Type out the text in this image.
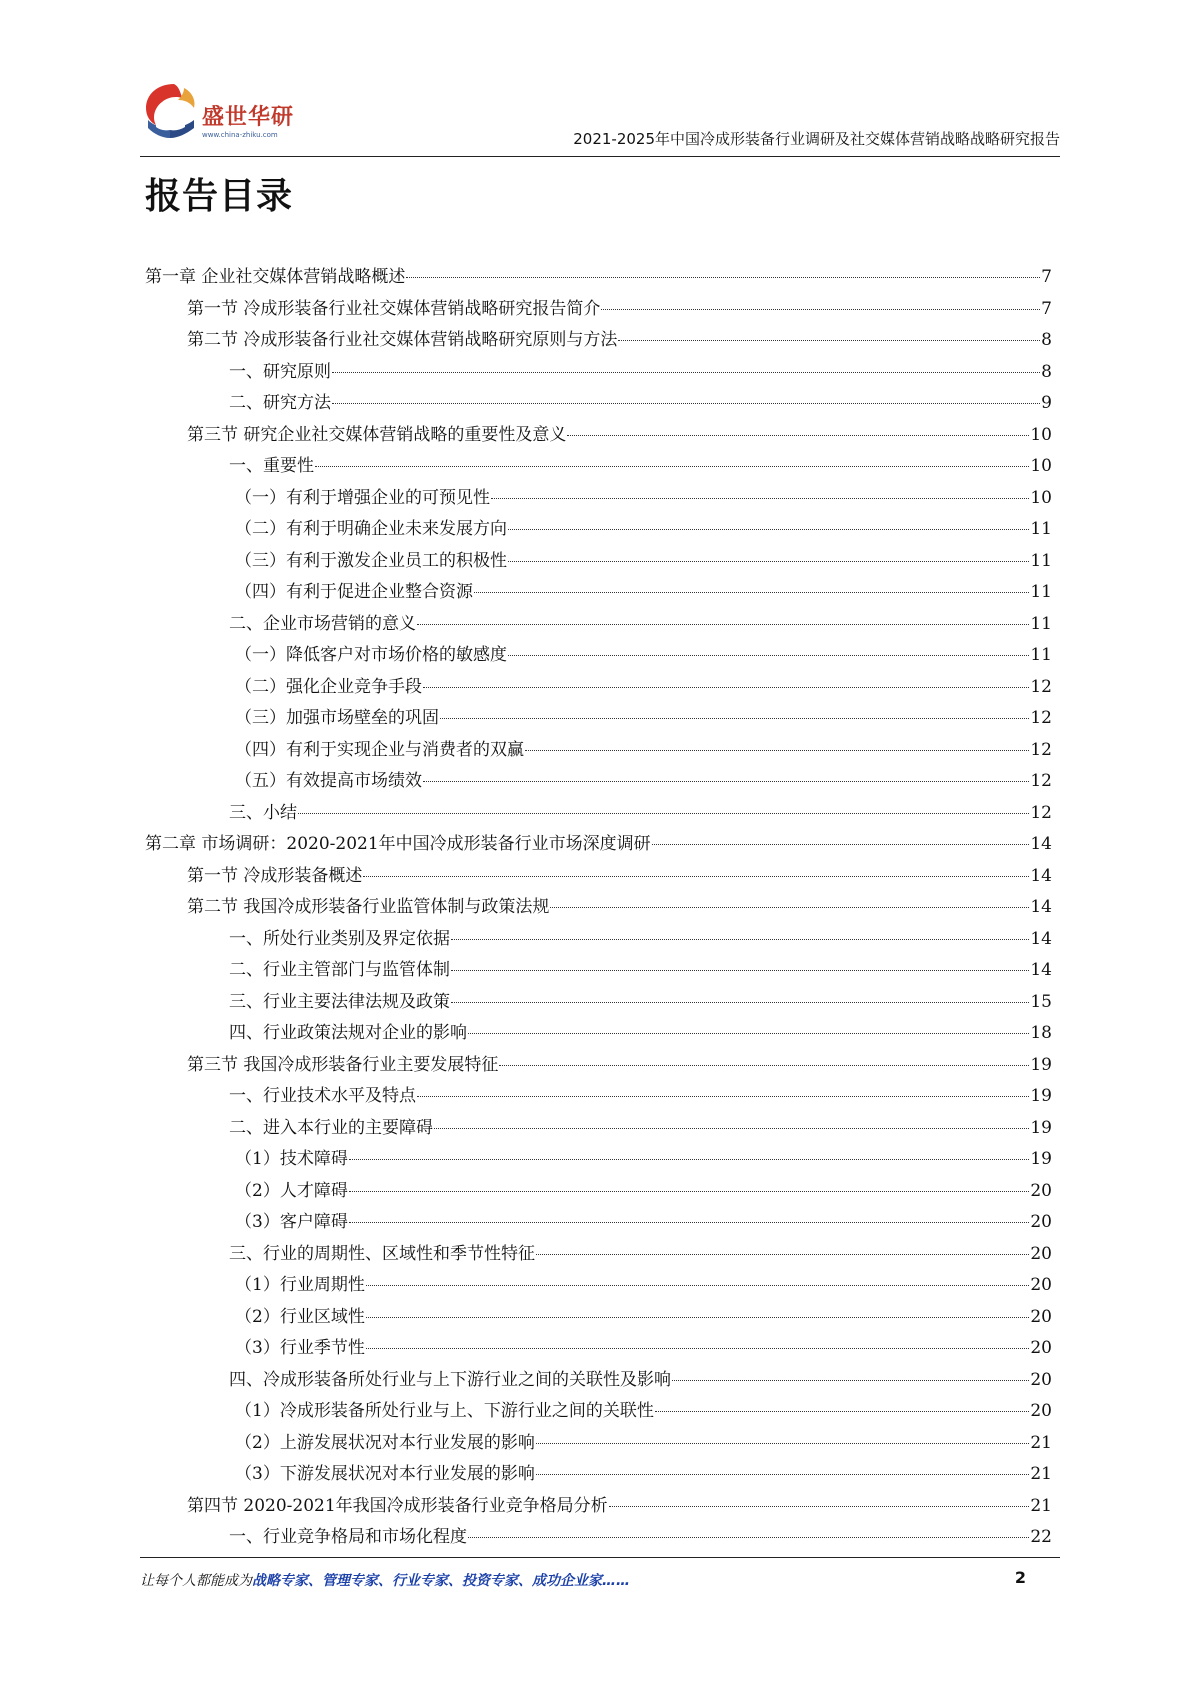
盛世华研
www.china-zhiku.com	2021-2025年中国冷成形装备行业调研及社交媒体营销战略战略研究报告
报告目录
第一章 企业社交媒体营销战略概述	7
第一节 冷成形装备行业社交媒体营销战略研究报告简介	7
第二节 冷成形装备行业社交媒体营销战略研究原则与方法	8
一、研究原则	8
二、研究方法	9
第三节 研究企业社交媒体营销战略的重要性及意义	10
一、重要性	10
（一）有利于增强企业的可预见性	10
（二）有利于明确企业未来发展方向	11
（三）有利于激发企业员工的积极性	11
（四）有利于促进企业整合资源	11
二、企业市场营销的意义	11
（一）降低客户对市场价格的敏感度	11
（二）强化企业竞争手段	12
（三）加强市场壁垒的巩固	12
（四）有利于实现企业与消费者的双赢	12
（五）有效提高市场绩效	12
三、小结	12
第二章 市场调研：2020-2021年中国冷成形装备行业市场深度调研	14
第一节 冷成形装备概述	14
第二节 我国冷成形装备行业监管体制与政策法规	14
一、所处行业类别及界定依据	14
二、行业主管部门与监管体制	14
三、行业主要法律法规及政策	15
四、行业政策法规对企业的影响	18
第三节 我国冷成形装备行业主要发展特征	19
一、行业技术水平及特点	19
二、进入本行业的主要障碍	19
（1）技术障碍	19
（2）人才障碍	20
（3）客户障碍	20
三、行业的周期性、区域性和季节性特征	20
（1）行业周期性	20
（2）行业区域性	20
（3）行业季节性	20
四、冷成形装备所处行业与上下游行业之间的关联性及影响	20
（1）冷成形装备所处行业与上、下游行业之间的关联性	20
（2）上游发展状况对本行业发展的影响	21
（3）下游发展状况对本行业发展的影响	21
第四节 2020-2021年我国冷成形装备行业竞争格局分析	21
一、行业竞争格局和市场化程度	22
让每个人都能成为战略专家、管理专家、行业专家、投资专家、成功企业家……	2
